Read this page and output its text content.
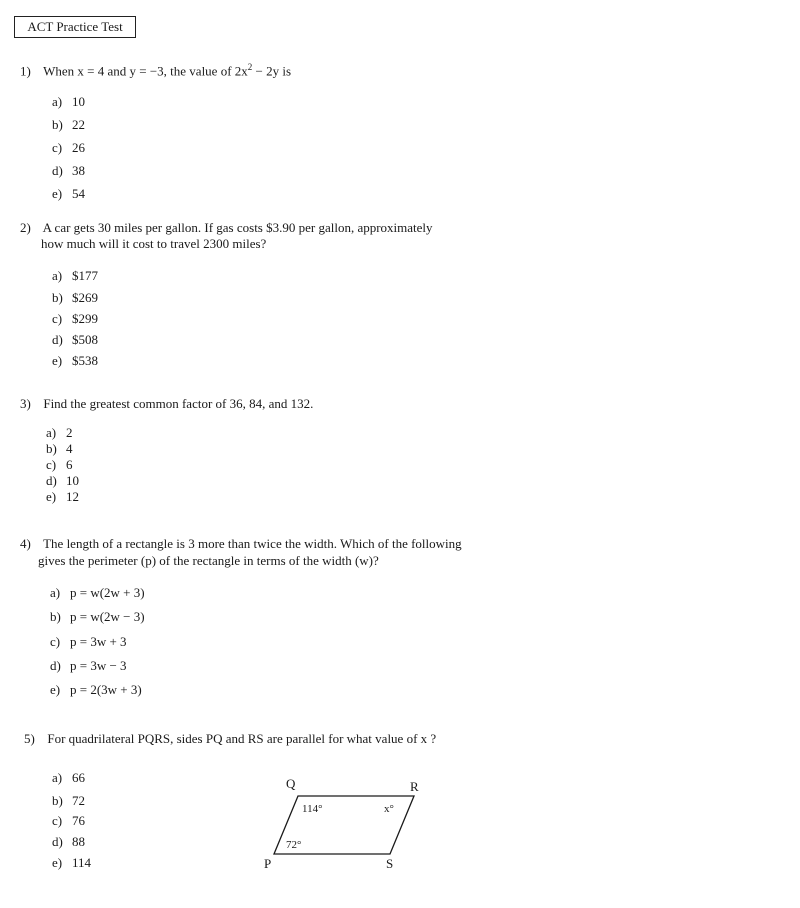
ACT Practice Test
1) When x = 4 and y = −3, the value of $2x^2 - 2y$ is
a) 10
b) 22
c) 26
d) 38
e) 54
2) A car gets 30 miles per gallon. If gas costs $3.90 per gallon, approximately
how much will it cost to travel 2300 miles?
a) $177
b) $269
c) $299
d) $508
e) $538
3) Find the greatest common factor of 36, 84, and 132.
a) 2
b) 4
c) 6
d) 10
e) 12
4) The length of a rectangle is 3 more than twice the width. Which of the following
gives the perimeter (p) of the rectangle in terms of the width (w)?
a) p = w(2w + 3)
b) p = w(2w − 3)
c) p = 3w + 3
d) p = 3w − 3
e) p = 2(3w + 3)
5) For quadrilateral PQRS, sides PQ and RS are parallel for what value of x ?
a) 66
b) 72
c) 76
d) 88
e) 114
Q	R
P	S
114°	x°
72°
